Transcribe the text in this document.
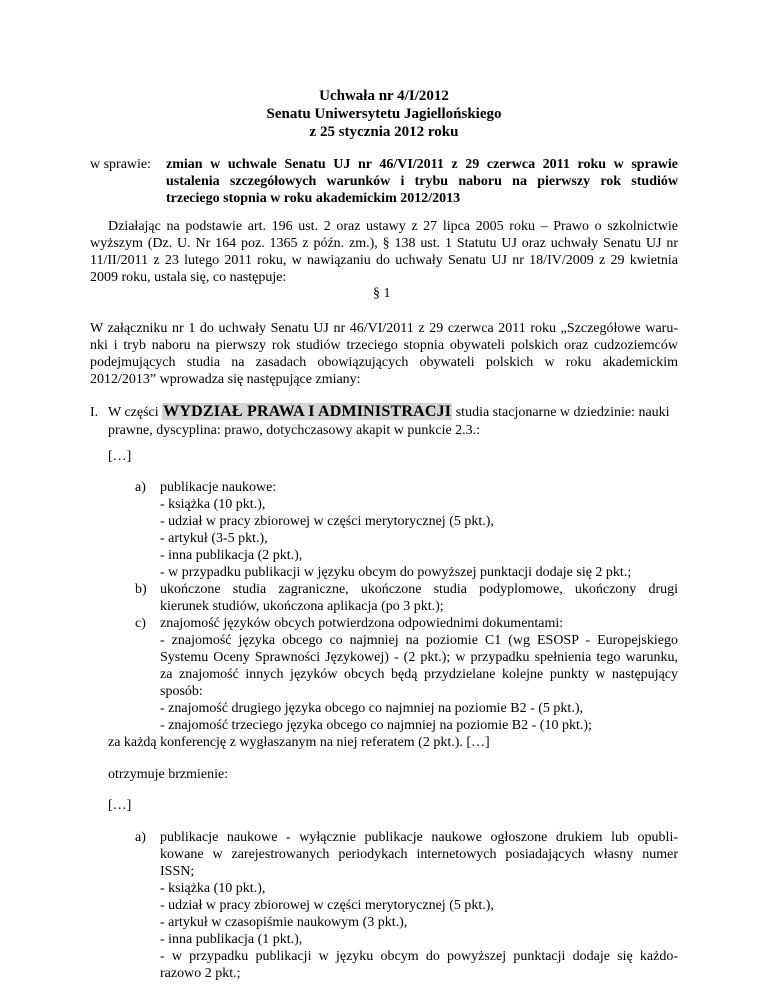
Uchwała nr 4/I/2012
Senatu Uniwersytetu Jagiellońskiego
z 25 stycznia 2012 roku
w sprawie: zmian w uchwale Senatu UJ nr 46/VI/2011 z 29 czerwca 2011 roku w sprawie
ustalenia szczegółowych warunków i trybu naboru na pierwszy rok studiów
trzeciego stopnia w roku akademickim 2012/2013
Działając na podstawie art. 196 ust. 2 oraz ustawy z 27 lipca 2005 roku – Prawo o szkolnictwie
wyższym (Dz. U. Nr 164 poz. 1365 z późn. zm.), § 138 ust. 1 Statutu UJ oraz uchwały Senatu UJ nr
11/II/2011 z 23 lutego 2011 roku, w nawiązaniu do uchwały Senatu UJ nr 18/IV/2009 z 29 kwietnia
2009 roku, ustala się, co następuje:
§ 1
W załączniku nr 1 do uchwały Senatu UJ nr 46/VI/2011 z 29 czerwca 2011 roku „Szczegółowe waru-
nki i tryb naboru na pierwszy rok studiów trzeciego stopnia obywateli polskich oraz cudzoziemców
podejmujących studia na zasadach obowiązujących obywateli polskich w roku akademickim
2012/2013” wprowadza się następujące zmiany:
I. W części WYDZIAŁ PRAWA I ADMINISTRACJI studia stacjonarne w dziedzinie: nauki
prawne, dyscyplina: prawo, dotychczasowy akapit w punkcie 2.3.:
[…]
a) publikacje naukowe:
- książka (10 pkt.),
- udział w pracy zbiorowej w części merytorycznej (5 pkt.),
- artykuł (3-5 pkt.),
- inna publikacja (2 pkt.),
- w przypadku publikacji w języku obcym do powyższej punktacji dodaje się 2 pkt.;
b) ukończone studia zagraniczne, ukończone studia podyplomowe, ukończony drugi
kierunek studiów, ukończona aplikacja (po 3 pkt.);
c) znajomość języków obcych potwierdzona odpowiednimi dokumentami:
- znajomość języka obcego co najmniej na poziomie C1 (wg ESOSP - Europejskiego
Systemu Oceny Sprawności Językowej) - (2 pkt.); w przypadku spełnienia tego warunku,
za znajomość innych języków obcych będą przydzielane kolejne punkty w następujący
sposób:
- znajomość drugiego języka obcego co najmniej na poziomie B2 - (5 pkt.),
- znajomość trzeciego języka obcego co najmniej na poziomie B2 - (10 pkt.);
za każdą konferencję z wygłaszanym na niej referatem (2 pkt.). […]
otrzymuje brzmienie:
[…]
a) publikacje naukowe - wyłącznie publikacje naukowe ogłoszone drukiem lub opubli-
kowane w zarejestrowanych periodykach internetowych posiadających własny numer
ISSN;
- książka (10 pkt.),
- udział w pracy zbiorowej w części merytorycznej (5 pkt.),
- artykuł w czasopiśmie naukowym (3 pkt.),
- inna publikacja (1 pkt.),
- w przypadku publikacji w języku obcym do powyższej punktacji dodaje się każdo-
razowo 2 pkt.;
